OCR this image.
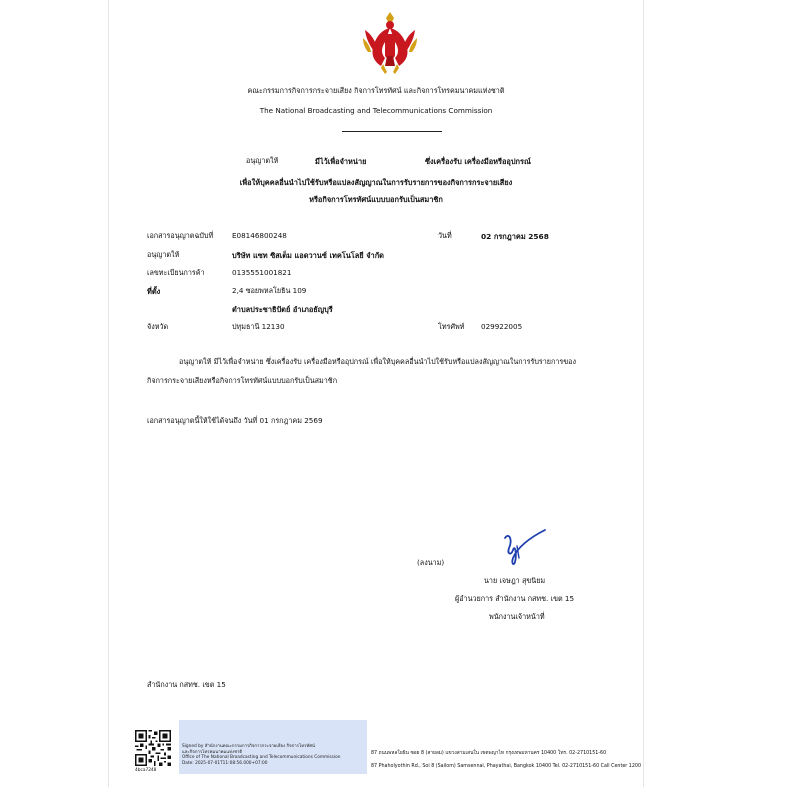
คณะกรรมการกิจการกระจายเสียง กิจการโทรทัศน์ และกิจการโทรคมนาคมแห่งชาติ
The National Broadcasting and Telecommunications Commission
อนุญาตให้	มีไว้เพื่อจำหน่าย	ซึ่งเครื่องรับ เครื่องมือหรืออุปกรณ์
เพื่อให้บุคคลอื่นนำไปใช้รับหรือแปลงสัญญาณในการรับรายการของกิจการกระจายเสียง
หรือกิจการโทรทัศน์แบบบอกรับเป็นสมาชิก
เอกสารอนุญาตฉบับที่	E08146800248	วันที่	02 กรกฎาคม 2568
อนุญาตให้	บริษัท แซท ซิสเต็ม แอดวานซ์ เทคโนโลยี จำกัด
เลขทะเบียนการค้า	0135551001821
ที่ตั้ง	2,4 ซอยพหลโยธิน 109
ตำบลประชาธิปัตย์ อำเภอธัญบุรี
จังหวัด	ปทุมธานี 12130	โทรศัพท์ 029922005
อนุญาตให้ มีไว้เพื่อจำหน่าย ซึ่งเครื่องรับ เครื่องมือหรืออุปกรณ์ เพื่อให้บุคคลอื่นนำไปใช้รับหรือแปลงสัญญาณในการรับรายการของ
กิจการกระจายเสียงหรือกิจการโทรทัศน์แบบบอกรับเป็นสมาชิก
เอกสารอนุญาตนี้ให้ใช้ได้จนถึง วันที่ 01 กรกฎาคม 2569
(ลงนาม)
นาย เจษฎา สุขนิยม
ผู้อำนวยการ สำนักงาน กสทช. เขต 15
พนักงานเจ้าหน้าที่
สำนักงาน กสทช. เขต 15
4bca7248
Signed by สำนักงานคณะกรรมการกิจการกระจายเสียง กิจการโทรทัศน์
และกิจการโทรคมนาคมแห่งชาติ
Office of The National Broadcasting and Telecommunications Commission
Date: 2025-07-01T11:08:56.000+07:00
87 ถนนพหลโยธิน ซอย 8 (สายลม) แขวงสามเสนใน เขตพญาไท กรุงเทพมหานคร 10400 โทร. 02-2710151-60
87 Phaholyothin Rd., Soi 8 (Sailom) Samsennai, Phayathai, Bangkok 10400 Tel. 02-2710151-60 Call Center 1200
